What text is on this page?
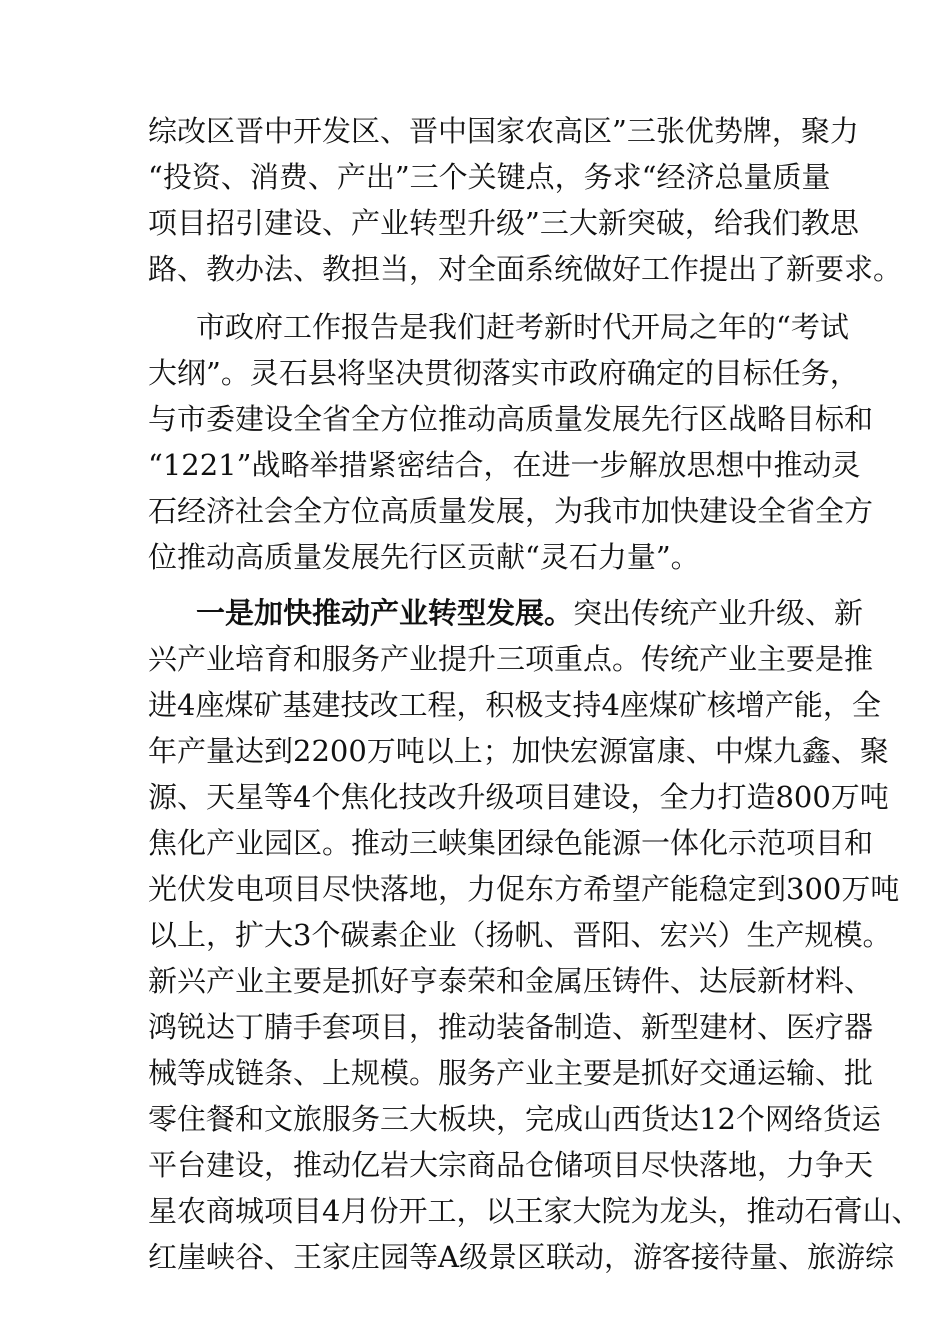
综改区晋中开发区、晋中国家农高区”三张优势牌，聚力
“投资、消费、产出”三个关键点，务求“经济总量质量
项目招引建设、产业转型升级”三大新突破，给我们教思
路、教办法、教担当，对全面系统做好工作提出了新要求。
市政府工作报告是我们赶考新时代开局之年的“考试
大纲”。灵石县将坚决贯彻落实市政府确定的目标任务，
与市委建设全省全方位推动高质量发展先行区战略目标和
“1221”战略举措紧密结合，在进一步解放思想中推动灵
石经济社会全方位高质量发展，为我市加快建设全省全方
位推动高质量发展先行区贡献“灵石力量”。
一是加快推动产业转型发展。突出传统产业升级、新
兴产业培育和服务产业提升三项重点。传统产业主要是推
进4座煤矿基建技改工程，积极支持4座煤矿核增产能，全
年产量达到2200万吨以上；加快宏源富康、中煤九鑫、聚
源、天星等4个焦化技改升级项目建设，全力打造800万吨
焦化产业园区。推动三峡集团绿色能源一体化示范项目和
光伏发电项目尽快落地，力促东方希望产能稳定到300万吨
以上，扩大3个碳素企业（扬帆、晋阳、宏兴）生产规模。
新兴产业主要是抓好亨泰荣和金属压铸件、达辰新材料、
鸿锐达丁腈手套项目，推动装备制造、新型建材、医疗器
械等成链条、上规模。服务产业主要是抓好交通运输、批
零住餐和文旅服务三大板块，完成山西货达12个网络货运
平台建设，推动亿岩大宗商品仓储项目尽快落地，力争天
星农商城项目4月份开工，以王家大院为龙头，推动石膏山、
红崖峡谷、王家庄园等A级景区联动，游客接待量、旅游综
